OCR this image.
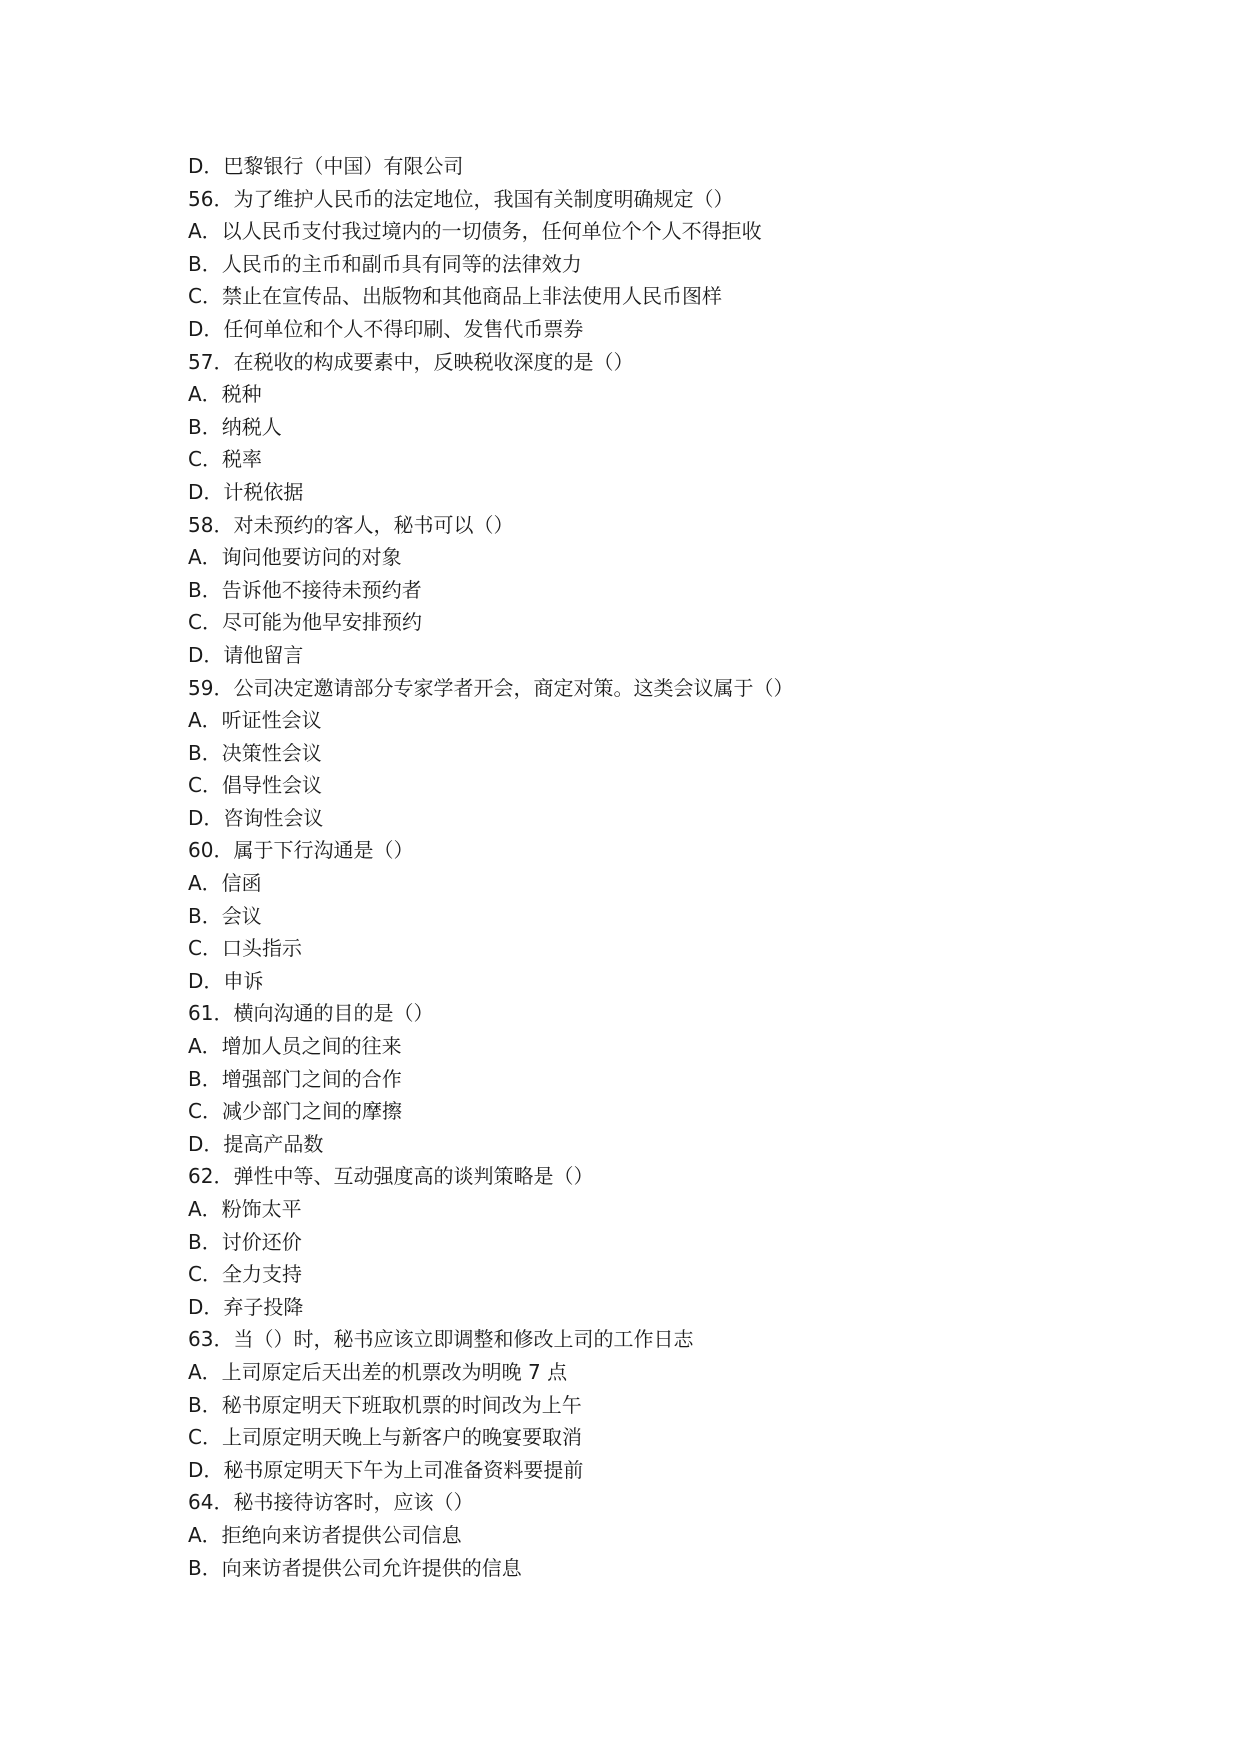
D．巴黎银行（中国）有限公司
56．为了维护人民币的法定地位，我国有关制度明确规定（）
A．以人民币支付我过境内的一切债务，任何单位个个人不得拒收
B．人民币的主币和副币具有同等的法律效力
C．禁止在宣传品、出版物和其他商品上非法使用人民币图样
D．任何单位和个人不得印刷、发售代币票券
57．在税收的构成要素中，反映税收深度的是（）
A．税种
B．纳税人
C．税率
D．计税依据
58．对未预约的客人，秘书可以（）
A．询问他要访问的对象
B．告诉他不接待未预约者
C．尽可能为他早安排预约
D．请他留言
59．公司决定邀请部分专家学者开会，商定对策。这类会议属于（）
A．听证性会议
B．决策性会议
C．倡导性会议
D．咨询性会议
60．属于下行沟通是（）
A．信函
B．会议
C．口头指示
D．申诉
61．横向沟通的目的是（）
A．增加人员之间的往来
B．增强部门之间的合作
C．减少部门之间的摩擦
D．提高产品数
62．弹性中等、互动强度高的谈判策略是（）
A．粉饰太平
B．讨价还价
C．全力支持
D．弃子投降
63．当（）时，秘书应该立即调整和修改上司的工作日志
A．上司原定后天出差的机票改为明晚 7 点
B．秘书原定明天下班取机票的时间改为上午
C．上司原定明天晚上与新客户的晚宴要取消
D．秘书原定明天下午为上司准备资料要提前
64．秘书接待访客时，应该（）
A．拒绝向来访者提供公司信息
B．向来访者提供公司允许提供的信息
